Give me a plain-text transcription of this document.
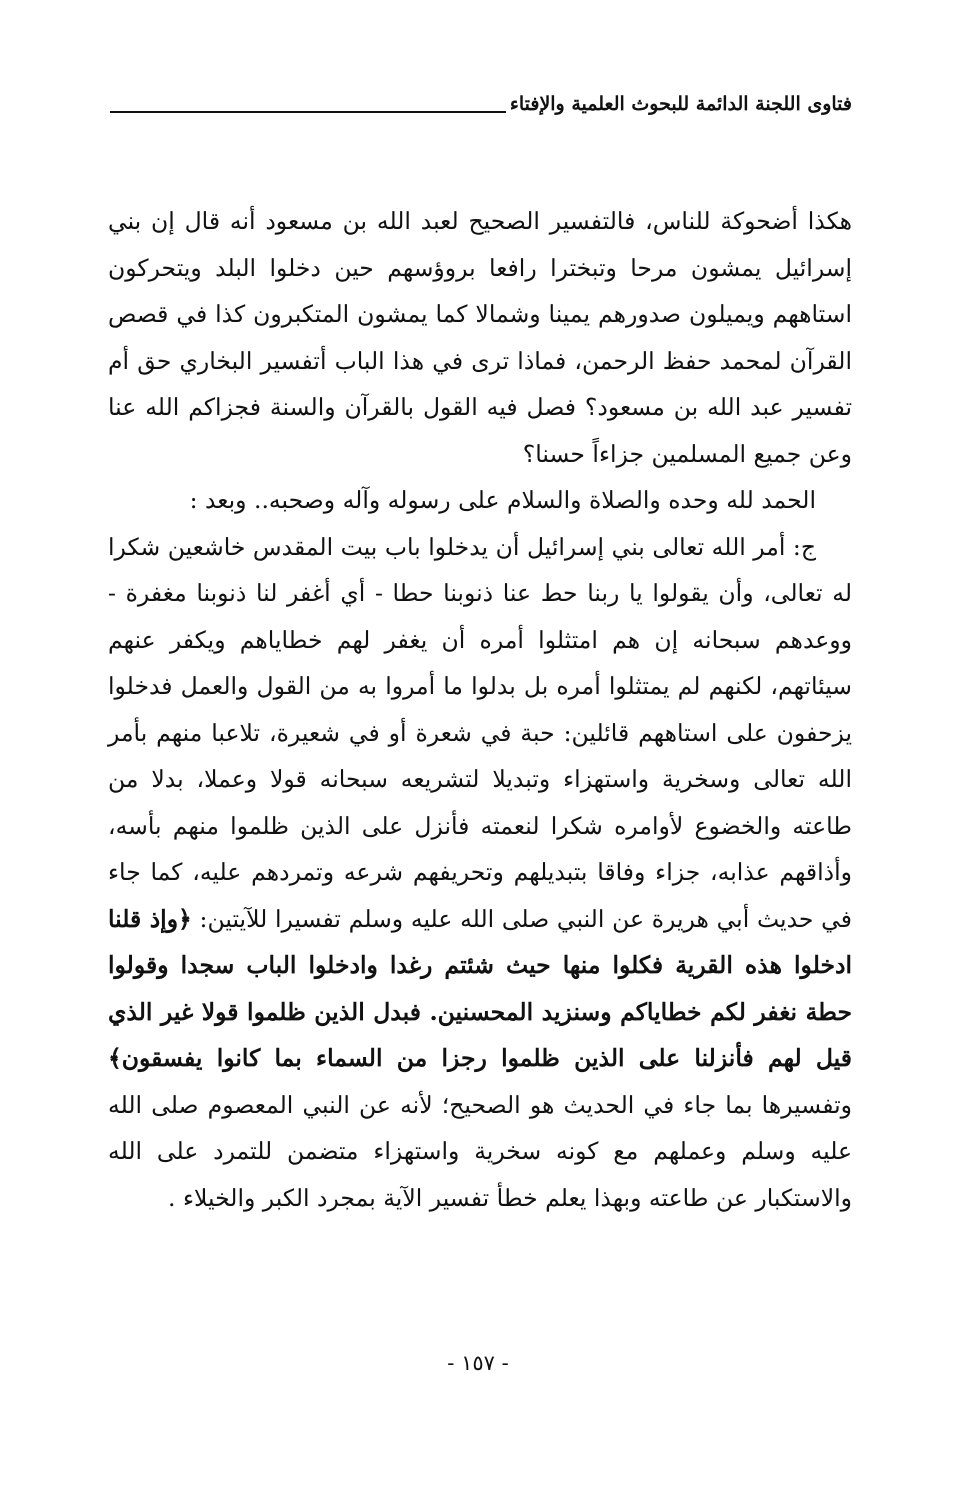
فتاوى اللجنة الدائمة للبحوث العلمية والإفتاء

هكذا أضحوكة للناس، فالتفسير الصحيح لعبد الله بن مسعود أنه قال إن بني إسرائيل يمشون مرحا وتبخترا رافعا بروؤسهم حين دخلوا البلد ويتحركون استاههم ويميلون صدورهم يمينا وشمالا كما يمشون المتكبرون كذا في قصص القرآن لمحمد حفظ الرحمن، فماذا ترى في هذا الباب أتفسير البخاري حق أم تفسير عبد الله بن مسعود؟ فصل فيه القول بالقرآن والسنة فجزاكم الله عنا وعن جميع المسلمين جزاءاً حسنا؟

الحمد لله وحده والصلاة والسلام على رسوله وآله وصحبه.. وبعد :

ج: أمر الله تعالى بني إسرائيل أن يدخلوا باب بيت المقدس خاشعين شكرا له تعالى، وأن يقولوا يا ربنا حط عنا ذنوبنا حطا - أي أغفر لنا ذنوبنا مغفرة - ووعدهم سبحانه إن هم امتثلوا أمره أن يغفر لهم خطاياهم ويكفر عنهم سيئاتهم، لكنهم لم يمتثلوا أمره بل بدلوا ما أمروا به من القول والعمل فدخلوا يزحفون على استاههم قائلين: حبة في شعرة أو في شعيرة، تلاعبا منهم بأمر الله تعالى وسخرية واستهزاء وتبديلا لتشريعه سبحانه قولا وعملا، بدلا من طاعته والخضوع لأوامره شكرا لنعمته فأنزل على الذين ظلموا منهم بأسه، وأذاقهم عذابه، جزاء وفاقا بتبديلهم وتحريفهم شرعه وتمردهم عليه، كما جاء في حديث أبي هريرة عن النبي صلى الله عليه وسلم تفسيرا للآيتين: ﴿وإذ قلنا ادخلوا هذه القرية فكلوا منها حيث شئتم رغدا وادخلوا الباب سجدا وقولوا حطة نغفر لكم خطاياكم وسنزيد المحسنين. فبدل الذين ظلموا قولا غير الذي قيل لهم فأنزلنا على الذين ظلموا رجزا من السماء بما كانوا يفسقون﴾ وتفسيرها بما جاء في الحديث هو الصحيح؛ لأنه عن النبي المعصوم صلى الله عليه وسلم وعملهم مع كونه سخرية واستهزاء متضمن للتمرد على الله والاستكبار عن طاعته وبهذا يعلم خطأ تفسير الآية بمجرد الكبر والخيلاء .

- ١٥٧ -
